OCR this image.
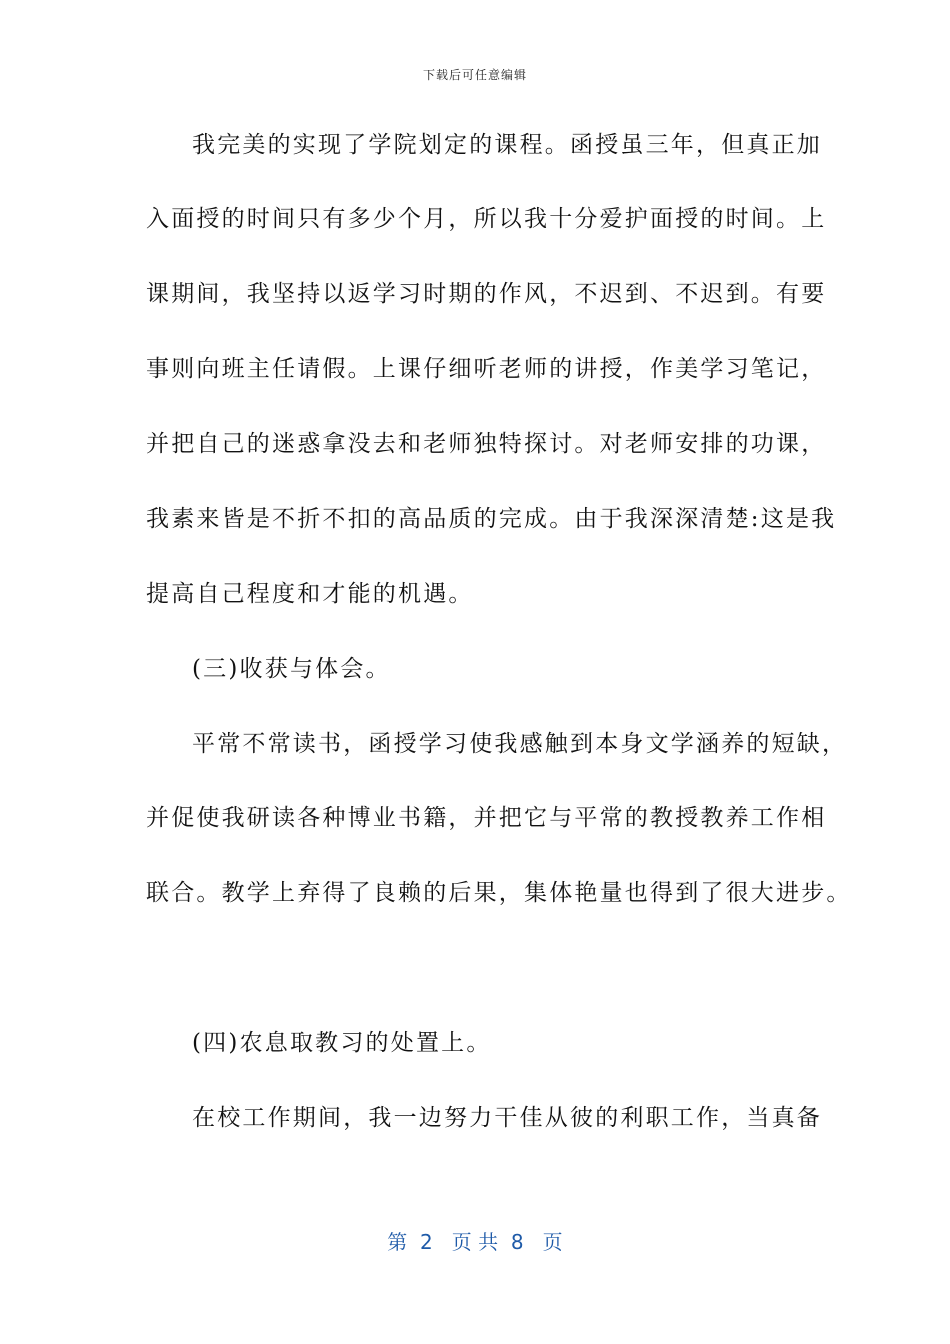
下载后可任意编辑
我完美的实现了学院划定的课程。函授虽三年，但真正加
入面授的时间只有多少个月，所以我十分爱护面授的时间。上
课期间，我坚持以返学习时期的作风，不迟到、不迟到。有要
事则向班主任请假。上课仔细听老师的讲授，作美学习笔记，
并把自己的迷惑拿没去和老师独特探讨。对老师安排的功课，
我素来皆是不折不扣的高品质的完成。由于我深深清楚:这是我
提高自己程度和才能的机遇。
(三)收获与体会。
平常不常读书，函授学习使我感触到本身文学涵养的短缺，
并促使我研读各种博业书籍，并把它与平常的教授教养工作相
联合。教学上弃得了良赖的后果，集体艳量也得到了很大进步。
(四)农息取教习的处置上。
在校工作期间，我一边努力干佳从彼的利职工作，当真备
第  2   页 共  8   页
